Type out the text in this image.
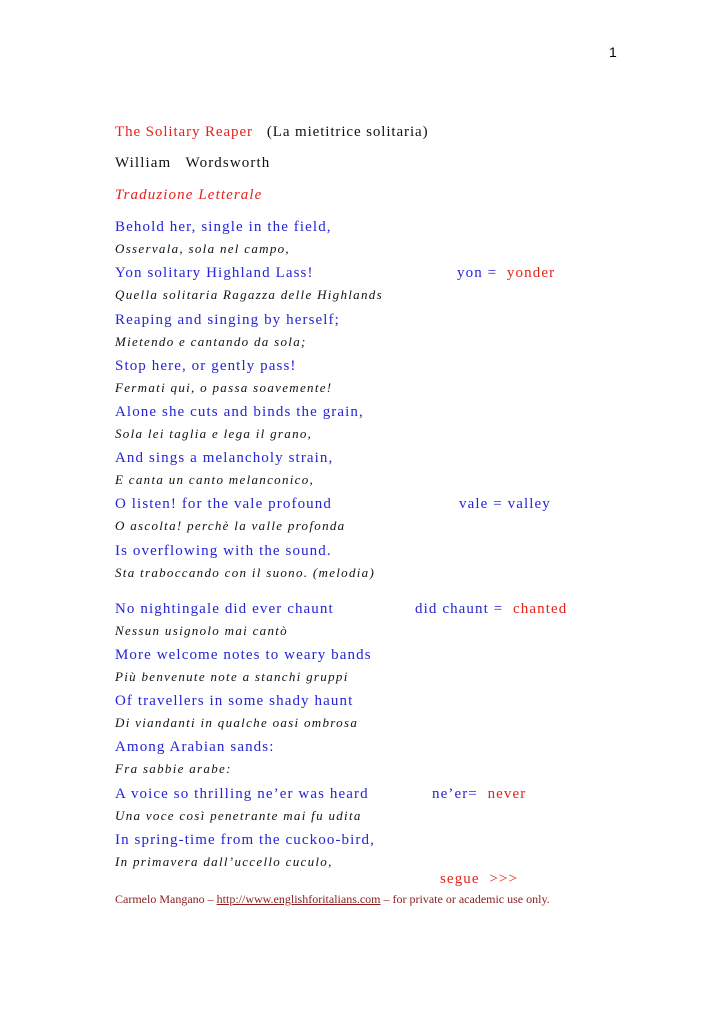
1
The Solitary Reaper (La mietitrice solitaria)
William   Wordsworth
Traduzione Letterale
Behold her, single in the field,
Osservala, sola nel campo,
Yon solitary Highland Lass!
Quella solitaria Ragazza delle Highlands
Reaping and singing by herself;
Mietendo e cantando da sola;
Stop here, or gently pass!
Fermati qui, o passa soavemente!
Alone she cuts and binds the grain,
Sola lei taglia e lega il grano,
And sings a melancholy strain,
E canta un canto melanconico,
O listen! for the vale profound
O ascolta! perchè la valle profonda
Is overflowing with the sound.
Sta traboccando con il suono. (melodia)
No nightingale did ever chaunt
Nessun usignolo mai cantò
More welcome notes to weary bands
Più benvenute note a stanchi gruppi
Of travellers in some shady haunt
Di viandanti in qualche oasi ombrosa
Among Arabian sands:
Fra sabbie arabe:
A voice so thrilling ne’er was heard
Una voce così penetrante mai fu udita
In spring-time from the cuckoo-bird,
In primavera dall’uccello cuculo,
yon = yonder
vale = valley
did chaunt = chanted
ne’er= never
segue  >>>
Carmelo Mangano – http://www.englishforitalians.com – for private or academic use only.
